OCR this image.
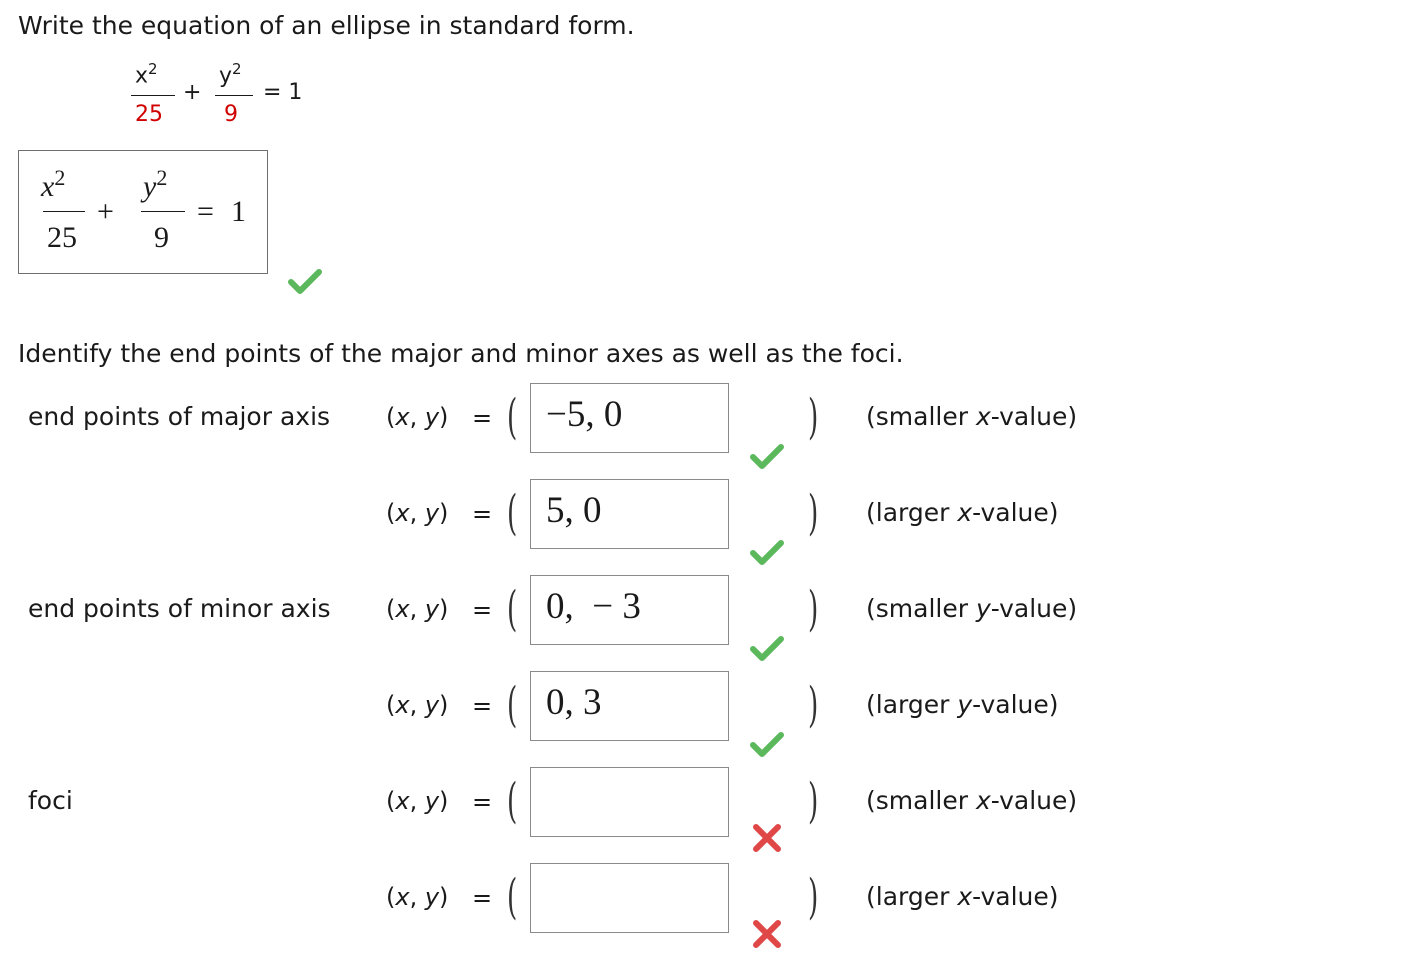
Write the equation of an ellipse in standard form.
$x^2$
25
+
$y^2$
9
= 1
$x^2$
25
+
$y^2$
9
= 1
Identify the end points of the major and minor axes as well as the foci.
end points of major axis (x, y) = ( −5, 0	) (smaller x-value)
(x, y) = ( 5, 0	) (larger x-value)
end points of minor axis (x, y) = ( 0,  − 3	) (smaller y-value)
(x, y) = ( 0, 3	) (larger y-value)
foci	(x, y) = (	) (smaller x-value)
(x, y) = (	) (larger x-value)
